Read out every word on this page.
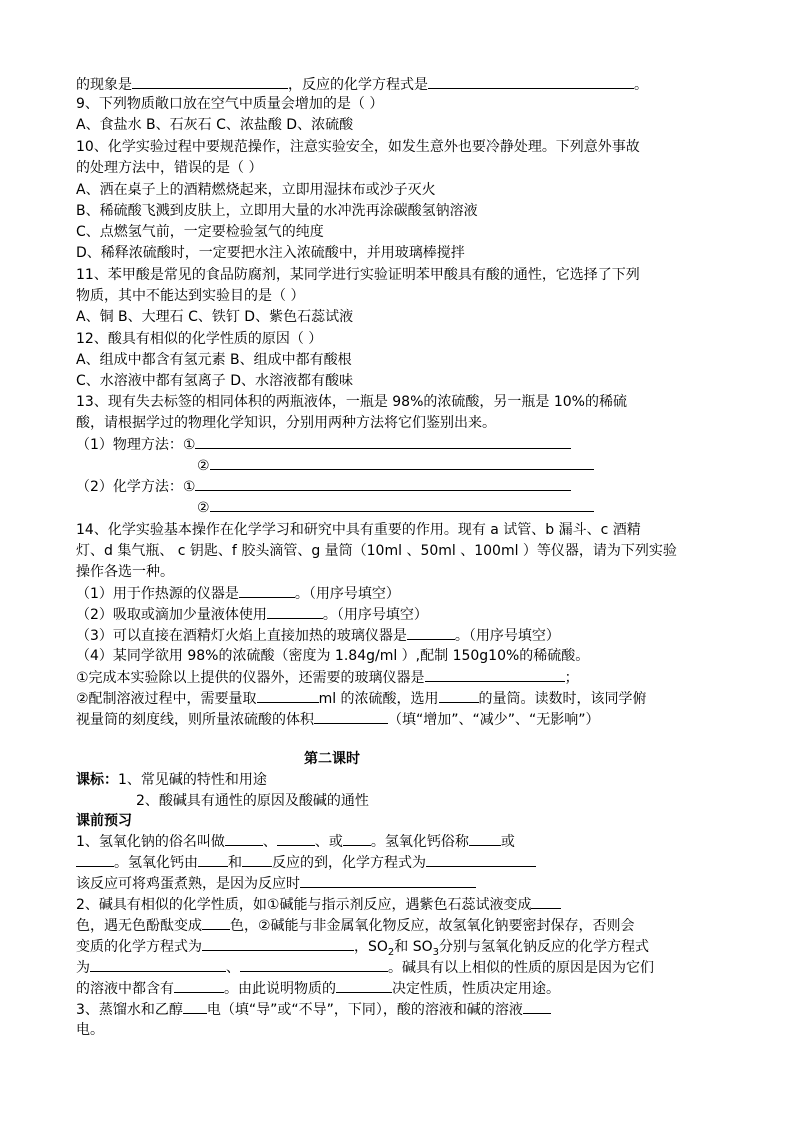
的现象是	，反应的化学方程式是	。
9、下列物质敞口放在空气中质量会增加的是（ ）
A、食盐水 B、石灰石 C、浓盐酸 D、浓硫酸
10、化学实验过程中要规范操作，注意实验安全，如发生意外也要冷静处理。下列意外事故
的处理方法中，错误的是（ ）
A、洒在桌子上的酒精燃烧起来，立即用湿抹布或沙子灭火
B、稀硫酸飞溅到皮肤上，立即用大量的水冲洗再涂碳酸氢钠溶液
C、点燃氢气前，一定要检验氢气的纯度
D、稀释浓硫酸时，一定要把水注入浓硫酸中，并用玻璃棒搅拌
11、苯甲酸是常见的食品防腐剂，某同学进行实验证明苯甲酸具有酸的通性，它选择了下列
物质，其中不能达到实验目的是（ ）
A、铜 B、大理石 C、铁钉 D、紫色石蕊试液
12、酸具有相似的化学性质的原因（ ）
A、组成中都含有氢元素 B、组成中都有酸根
C、水溶液中都有氢离子 D、水溶液都有酸味
13、现有失去标签的相同体积的两瓶液体，一瓶是 98%的浓硫酸，另一瓶是 10%的稀硫
酸，请根据学过的物理化学知识，分别用两种方法将它们鉴别出来。
（1）物理方法：①
②
（2）化学方法：①
②
14、化学实验基本操作在化学学习和研究中具有重要的作用。现有 a 试管、b 漏斗、c 酒精
灯、d 集气瓶、 c 钥匙、f 胶头滴管、g 量筒（10ml 、50ml 、100ml ）等仪器，请为下列实验
操作各选一种。
（1）用于作热源的仪器是	。（用序号填空）
（2）吸取或滴加少量液体使用	。（用序号填空）
（3）可以直接在酒精灯火焰上直接加热的玻璃仪器是	。（用序号填空）
（4）某同学欲用 98%的浓硫酸（密度为 1.84g/ml ）,配制 150g10%的稀硫酸。
①完成本实验除以上提供的仪器外，还需要的玻璃仪器是	；
②配制溶液过程中，需要量取	ml 的浓硫酸，选用	的量筒。读数时，该同学俯
视量筒的刻度线，则所量浓硫酸的体积	（填“增加”、“减少”、“无影响”）
第二课时
课标：1、常见碱的特性和用途
2、酸碱具有通性的原因及酸碱的通性
课前预习
1、氢氧化钠的俗名叫做	、	、或 。氢氧化钙俗称 或
。氢氧化钙由 和 反应的到，化学方程式为
该反应可将鸡蛋煮熟，是因为反应时
2、碱具有相似的化学性质，如①碱能与指示剂反应，遇紫色石蕊试液变成
色，遇无色酚酞变成 色，②碱能与非金属氧化物反应，故氢氧化钠要密封保存，否则会
变质的化学方程式为	，$SO_2$和 $SO_3$分别与氢氧化钠反应的化学方程式
为	、	。碱具有以上相似的性质的原因是因为它们
的溶液中都含有	。由此说明物质的	决定性质，性质决定用途。
3、蒸馏水和乙醇 电（填“导”或“不导”，下同），酸的溶液和碱的溶液
电。
